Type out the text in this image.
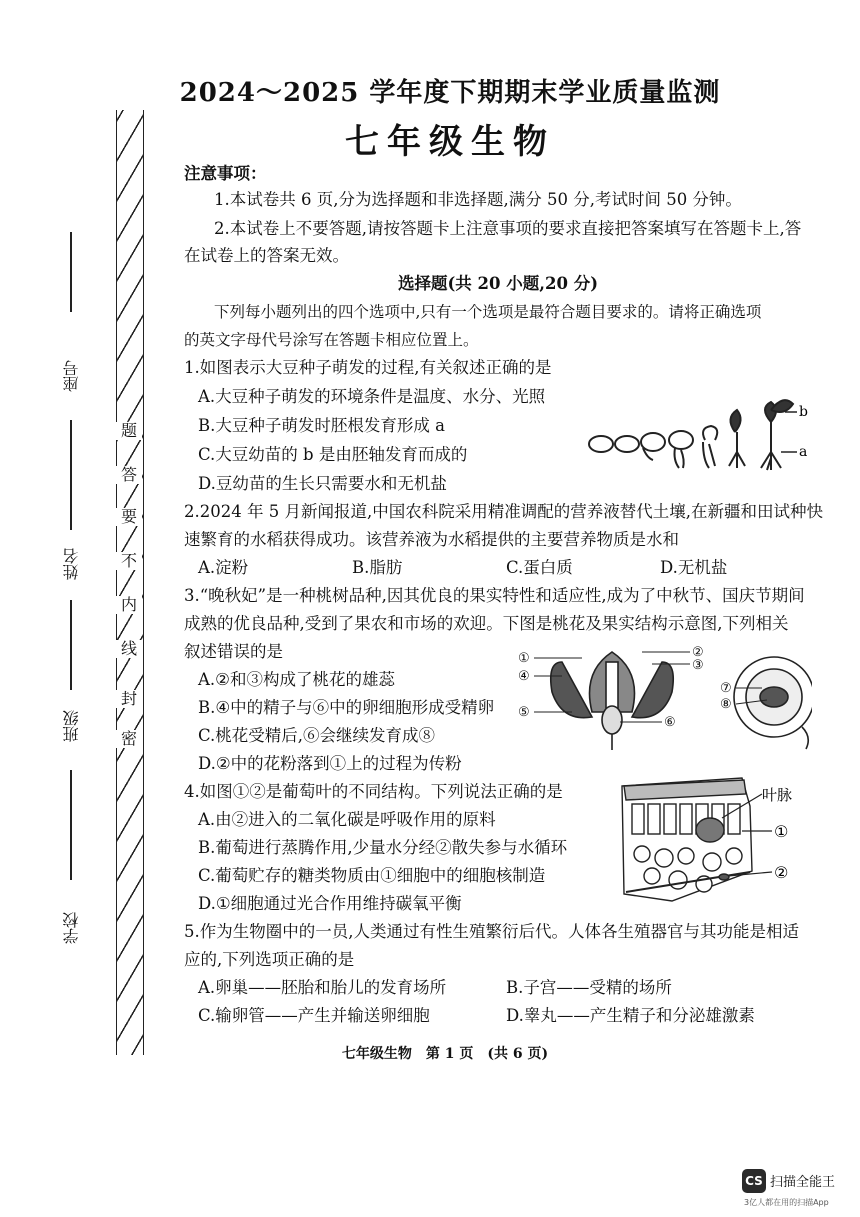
座号
姓名
班级
学校
题
答
要
不
内
线
封
密
2024～2025 学年度下期期末学业质量监测
七年级生物
注意事项：
1.本试卷共 6 页,分为选择题和非选择题,满分 50 分,考试时间 50 分钟。
2.本试卷上不要答题,请按答题卡上注意事项的要求直接把答案填写在答题卡上,答
在试卷上的答案无效。
选择题(共 20 小题,20 分)
下列每小题列出的四个选项中,只有一个选项是最符合题目要求的。请将正确选项
的英文字母代号涂写在答题卡相应位置上。
1.如图表示大豆种子萌发的过程,有关叙述正确的是
A.大豆种子萌发的环境条件是温度、水分、光照
B.大豆种子萌发时胚根发育形成 a
C.大豆幼苗的 b 是由胚轴发育而成的
D.豆幼苗的生长只需要水和无机盐
b
a
2.2024 年 5 月新闻报道,中国农科院采用精准调配的营养液替代土壤,在新疆和田试种快
速繁育的水稻获得成功。该营养液为水稻提供的主要营养物质是水和
A.淀粉	B.脂肪	C.蛋白质	D.无机盐
3.“晚秋妃”是一种桃树品种,因其优良的果实特性和适应性,成为了中秋节、国庆节期间
成熟的优良品种,受到了果农和市场的欢迎。下图是桃花及果实结构示意图,下列相关
叙述错误的是
A.②和③构成了桃花的雄蕊
B.④中的精子与⑥中的卵细胞形成受精卵
C.桃花受精后,⑥会继续发育成⑧
D.②中的花粉落到①上的过程为传粉
①	②
③
④
⑤
⑥
⑦
⑧
4.如图①②是葡萄叶的不同结构。下列说法正确的是
A.由②进入的二氧化碳是呼吸作用的原料
B.葡萄进行蒸腾作用,少量水分经②散失参与水循环
C.葡萄贮存的糖类物质由①细胞中的细胞核制造
D.①细胞通过光合作用维持碳氧平衡
叶脉
①
②
5.作为生物圈中的一员,人类通过有性生殖繁衍后代。人体各生殖器官与其功能是相适
应的,下列选项正确的是
A.卵巢——胚胎和胎儿的发育场所	B.子宫——受精的场所
C.输卵管——产生并输送卵细胞	D.睾丸——产生精子和分泌雄激素
七年级生物　第 1 页　(共 6 页)
CS 扫描全能王
3亿人都在用的扫描App
